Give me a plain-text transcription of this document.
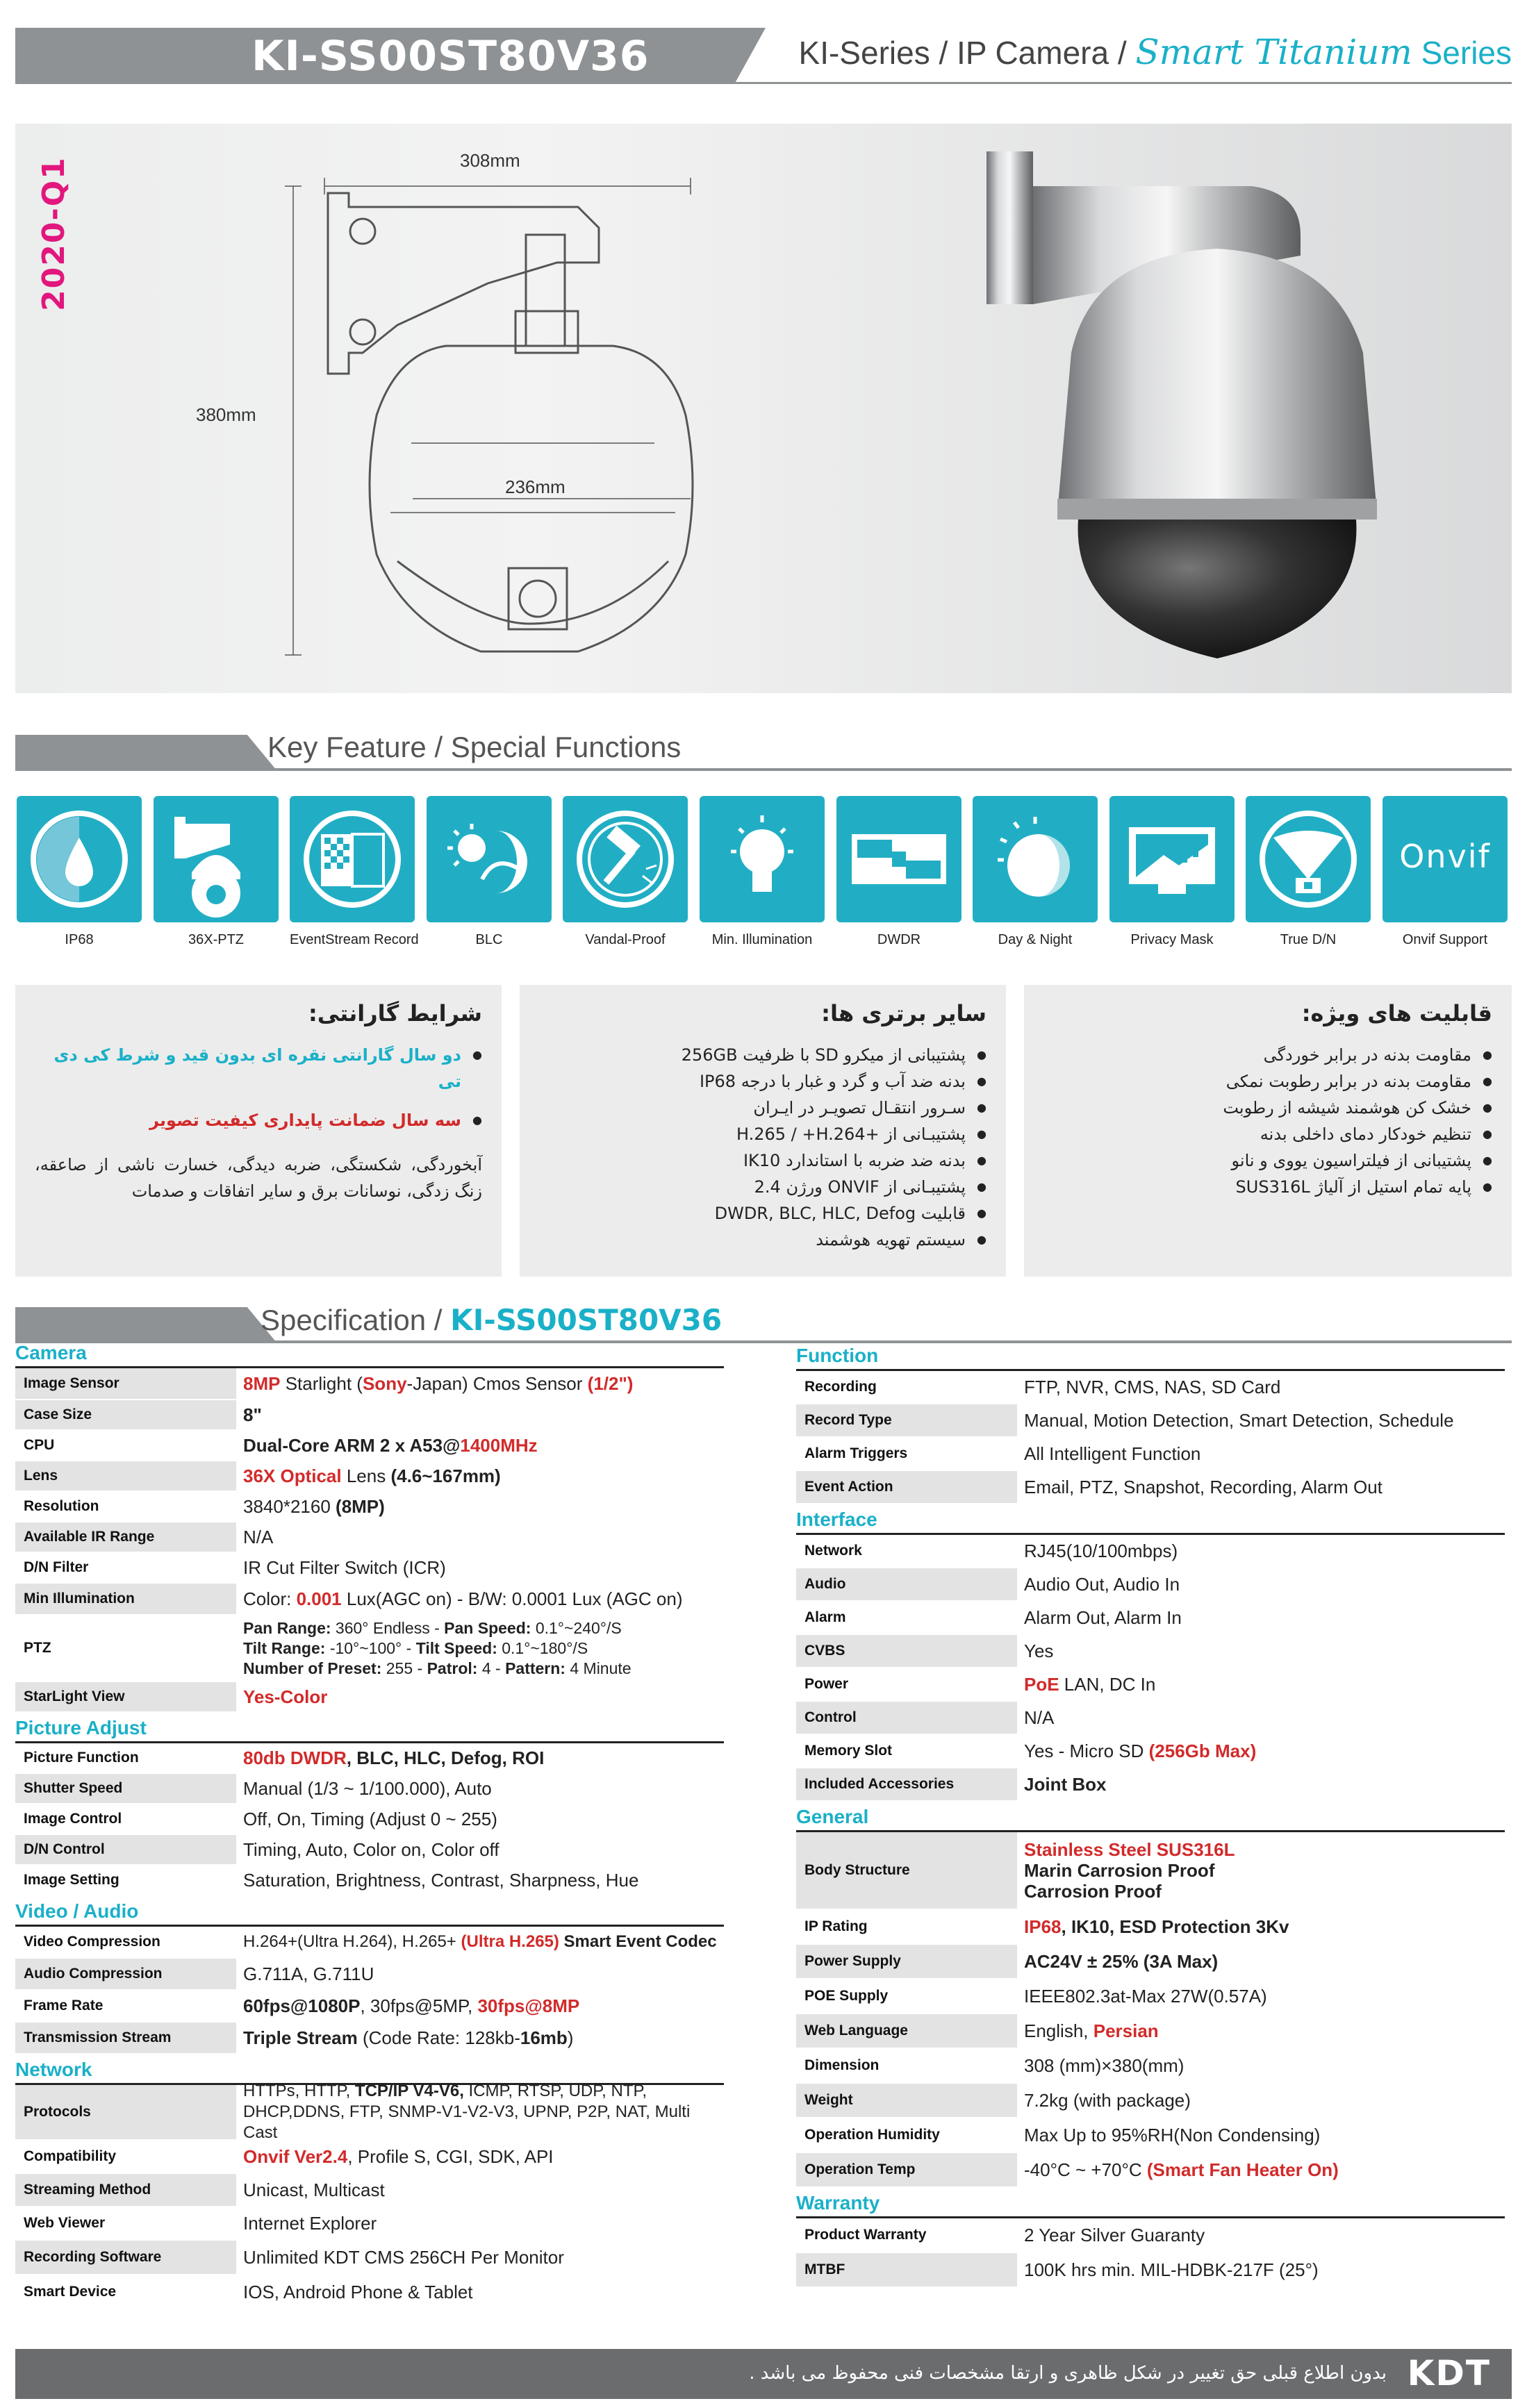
KI-SS00ST80V36	KI-Series / IP Camera / Smart Titanium Series
2020-Q1	308mm
380mm
236mm
Key Feature / Special Functions
IP68	36X-PTZ	EventStream Record	BLC	Vandal-Proof	Min. Illumination	DWDR	Day & Night	Privacy Mask	True D/N
Onvif
Onvif Support
شرایط گارانتی:
● دو سال گارانتی نقره ای بدون قید و شرط کی دی تی
● سه سال ضمانت پایداری کیفیت تصویر

آبخوردگی، شکستگی، ضربه دیدگی، خسارت ناشی از صاعقه، زنگ زدگی، نوسانات برق و سایر اتفاقات و صدمات

سایر برتری ها:
● پشتیبانی از میکرو SD با ظرفیت 256GB
● بدنه ضد آب و گرد و غبار با درجه IP68
● سـرور انتقـال تصویـر در ایـران
● پشتیبـانی از +H.265 / +H.264
● بدنه ضد ضربه با استاندارد IK10
● پشتیبـانی از ONVIF ورژن 2.4
● قابلیت DWDR, BLC, HLC, Defog
● سیستم تهویه هوشمند
قابلیت های ویژه:
● مقاومت بدنه در برابر خوردگی
● مقاومت بدنه در برابر رطوبت نمکی
● خشک کن هوشمند شیشه از رطوبت
● تنظیم خودکار دمای داخلی بدنه
● پشتیبانی از فیلتراسیون یووی و نانو
● پایه تمام استیل از آلیاژ SUS316L
Specification / KI-SS00ST80V36
Camera
Image Sensor	8MP Starlight (Sony-Japan) Cmos Sensor (1/2")
Case Size	8"
CPU	Dual-Core ARM 2 x A53@1400MHz
Lens	36X Optical Lens (4.6~167mm)
Resolution	3840*2160 (8MP)
Available IR Range	N/A
D/N Filter	IR Cut Filter Switch (ICR)
Min Illumination	Color: 0.001 Lux(AGC on) - B/W: 0.0001 Lux (AGC on)
PTZ
Pan Range: 360° Endless - Pan Speed: 0.1°~240°/S
Tilt Range: -10°~100° - Tilt Speed: 0.1°~180°/S
Number of Preset: 255 - Patrol: 4 - Pattern: 4 Minute
StarLight View	Yes-Color
Picture Adjust
Picture Function	80db DWDR, BLC, HLC, Defog, ROI
Shutter Speed	Manual (1/3 ~ 1/100.000), Auto
Image Control	Off, On, Timing (Adjust 0 ~ 255)
D/N Control	Timing, Auto, Color on, Color off
Image Setting	Saturation, Brightness, Contrast, Sharpness, Hue
Video / Audio
Video Compression	H.264+(Ultra H.264), H.265+ (Ultra H.265) Smart Event Codec
Audio Compression	G.711A, G.711U
Frame Rate	60fps@1080P, 30fps@5MP, 30fps@8MP
Transmission Stream	Triple Stream (Code Rate: 128kb-16mb)
Network
Protocols
HTTPs, HTTP, TCP/IP V4-V6, ICMP, RTSP, UDP, NTP,
DHCP,DDNS, FTP, SNMP-V1-V2-V3, UPNP, P2P, NAT, Multi Cast
Compatibility	Onvif Ver2.4, Profile S, CGI, SDK, API
Streaming Method	Unicast, Multicast
Web Viewer	Internet Explorer
Recording Software	Unlimited KDT CMS 256CH Per Monitor
Smart Device	IOS, Android Phone & Tablet
Function
Recording	FTP, NVR, CMS, NAS, SD Card
Record Type	Manual, Motion Detection, Smart Detection, Schedule
Alarm Triggers	All Intelligent Function
Event Action	Email, PTZ, Snapshot, Recording, Alarm Out
Interface
Network	RJ45(10/100mbps)
Audio	Audio Out, Audio In
Alarm	Alarm Out, Alarm In
CVBS	Yes
Power	PoE LAN, DC In
Control	N/A
Memory Slot	Yes - Micro SD (256Gb Max)
Included Accessories	Joint Box
General
Body Structure
Stainless Steel SUS316L
Marin Carrosion Proof
Carrosion Proof
IP Rating	IP68, IK10, ESD Protection 3Kv
Power Supply	AC24V ± 25% (3A Max)
POE Supply	IEEE802.3at-Max 27W(0.57A)
Web Language	English, Persian
Dimension	308 (mm)×380(mm)
Weight	7.2kg (with package)
Operation Humidity	Max Up to 95%RH(Non Condensing)
Operation Temp	-40°C ~ +70°C (Smart Fan Heater On)
Warranty
Product Warranty	2 Year Silver Guaranty
MTBF	100K hrs min. MIL-HDBK-217F (25°)
بدون اطلاع قبلی حق تغییر در شکل ظاهری و ارتقا مشخصات فنی محفوظ می باشد . KDT
